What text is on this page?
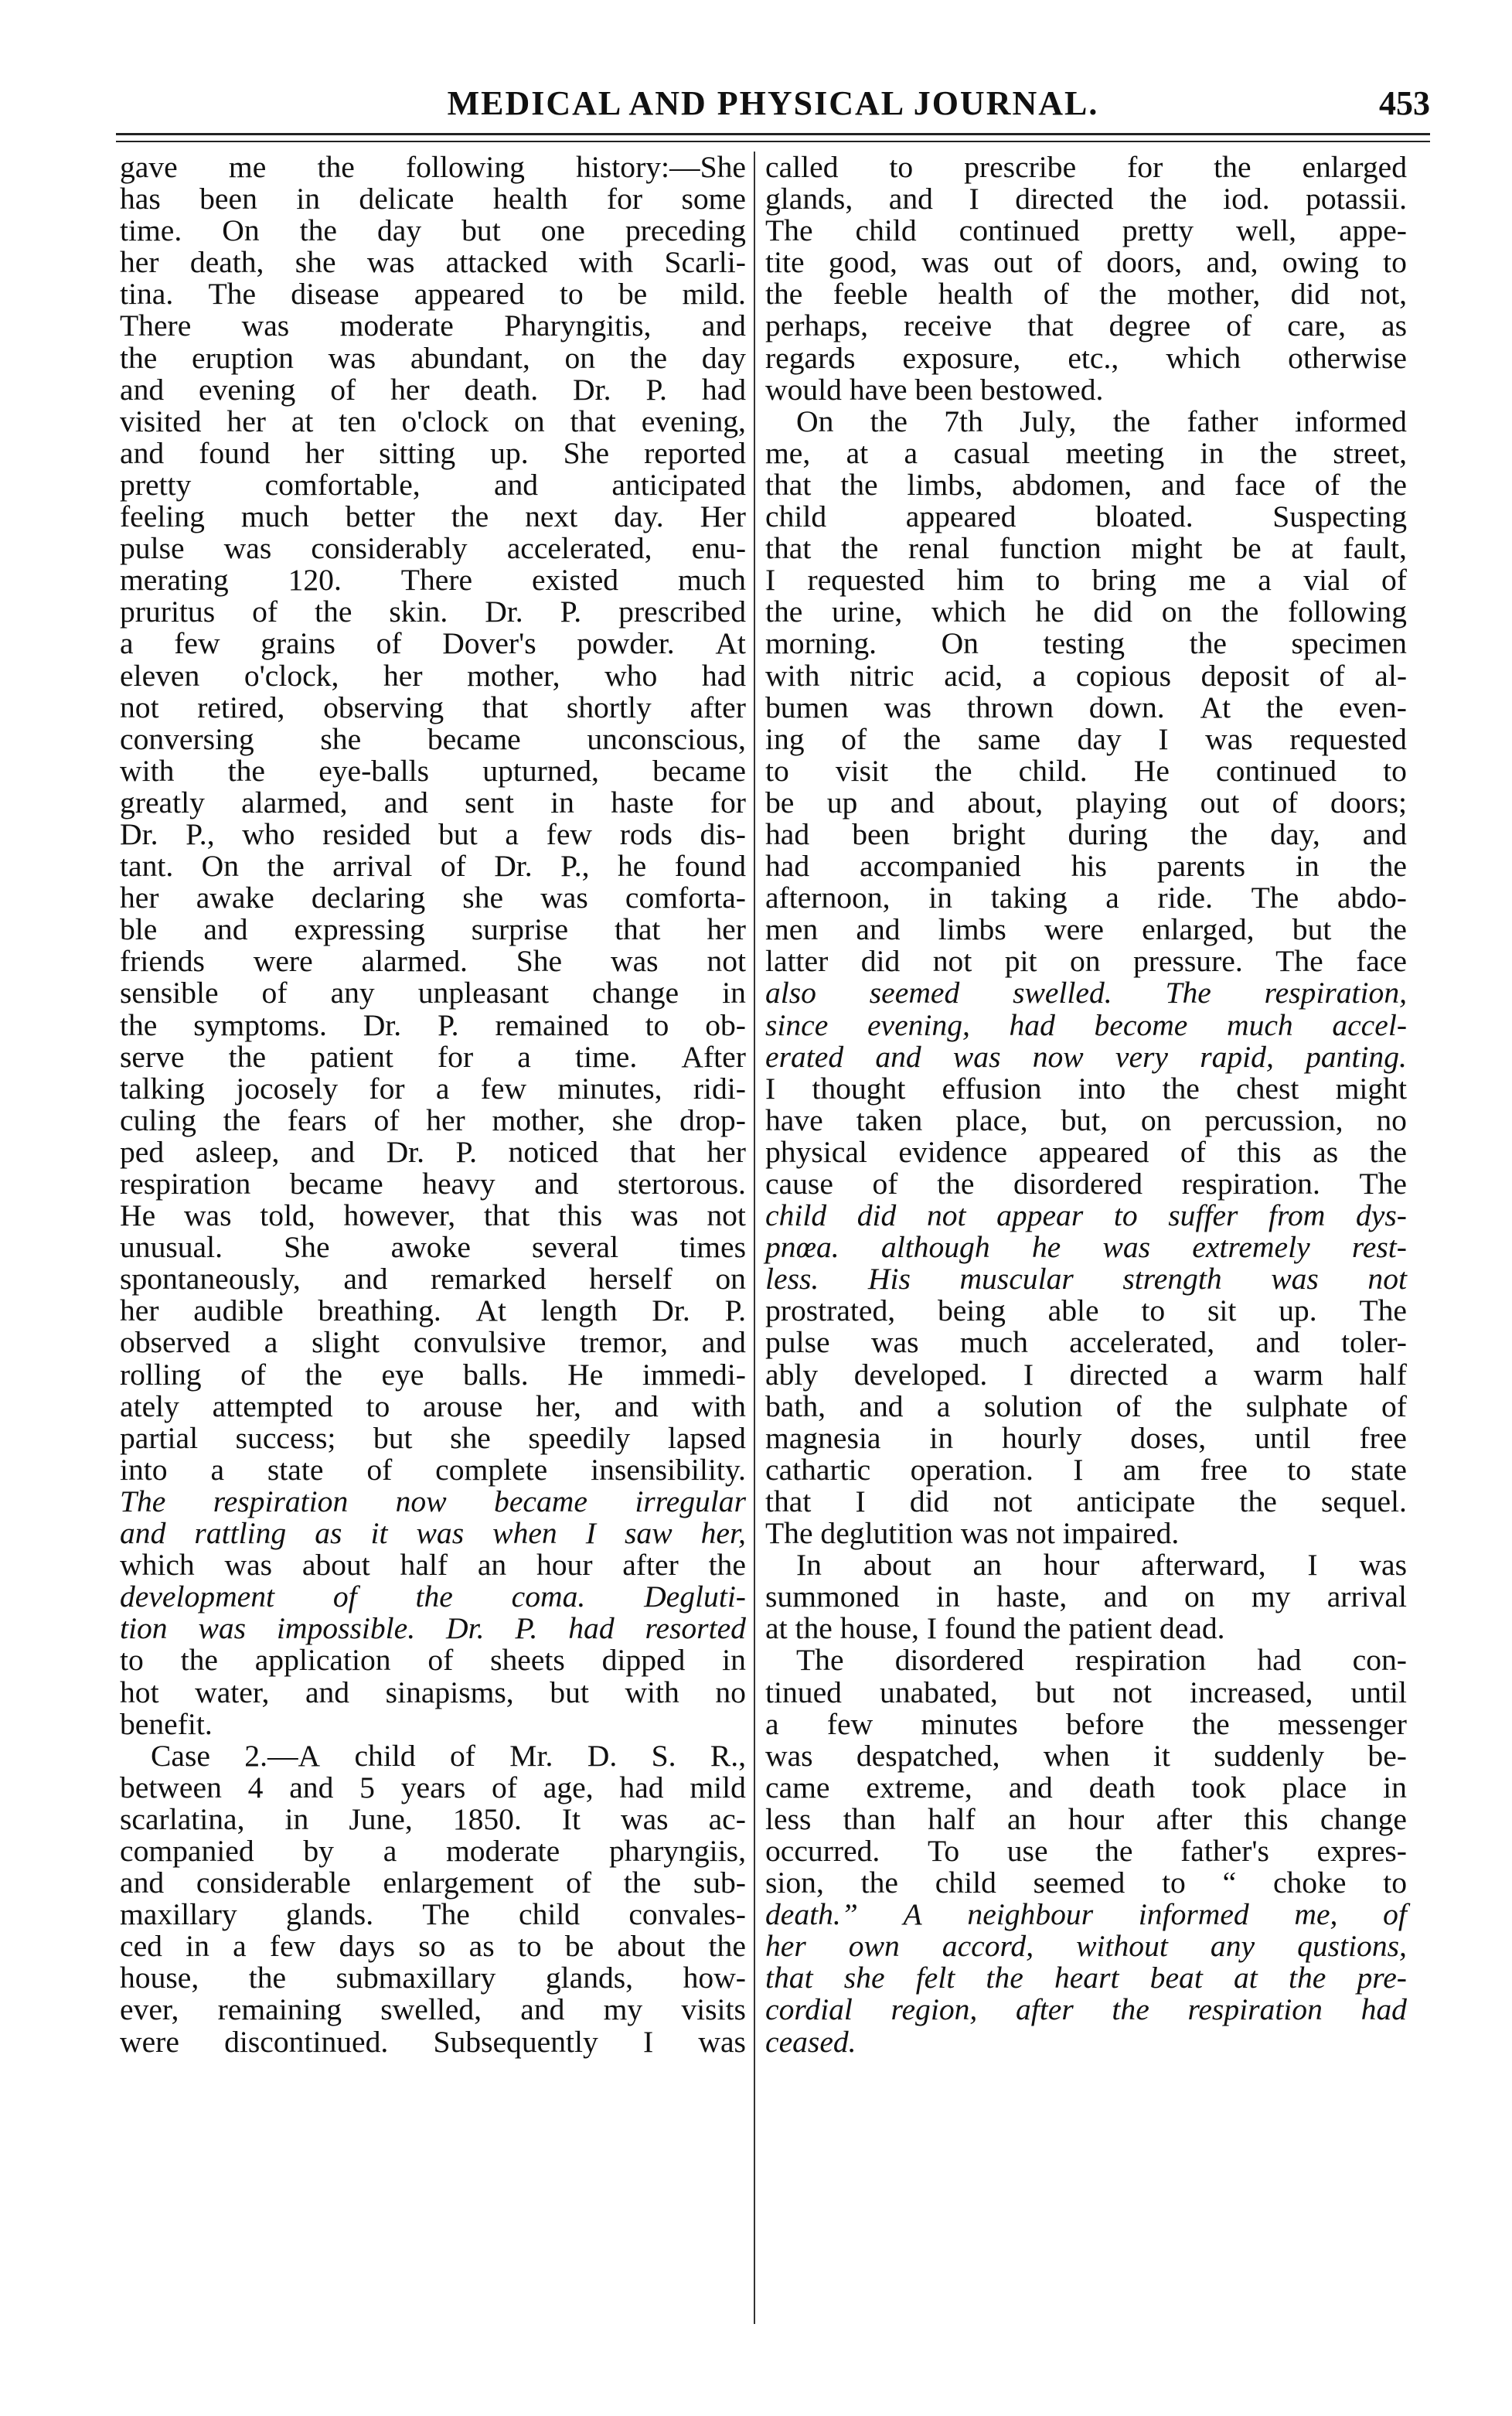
MEDICAL AND PHYSICAL JOURNAL.	453
gave me the following history:—She
has been in delicate health for some
time. On the day but one preceding
her death, she was attacked with Scarli-
tina. The disease appeared to be mild.
There was moderate Pharyngitis, and
the eruption was abundant, on the day
and evening of her death. Dr. P. had
visited her at ten o'clock on that evening,
and found her sitting up. She reported
pretty comfortable, and anticipated
feeling much better the next day. Her
pulse was considerably accelerated, enu-
merating 120. There existed much
pruritus of the skin. Dr. P. prescribed
a few grains of Dover's powder. At
eleven o'clock, her mother, who had
not retired, observing that shortly after
conversing she became unconscious,
with the eye-balls upturned, became
greatly alarmed, and sent in haste for
Dr. P., who resided but a few rods dis-
tant. On the arrival of Dr. P., he found
her awake declaring she was comforta-
ble and expressing surprise that her
friends were alarmed. She was not
sensible of any unpleasant change in
the symptoms. Dr. P. remained to ob-
serve the patient for a time. After
talking jocosely for a few minutes, ridi-
culing the fears of her mother, she drop-
ped asleep, and Dr. P. noticed that her
respiration became heavy and stertorous.
He was told, however, that this was not
unusual. She awoke several times
spontaneously, and remarked herself on
her audible breathing. At length Dr. P.
observed a slight convulsive tremor, and
rolling of the eye balls. He immedi-
ately attempted to arouse her, and with
partial success; but she speedily lapsed
into a state of complete insensibility.
The respiration now became irregular
and rattling as it was when I saw her,
which was about half an hour after the
development of the coma. Degluti-
tion was impossible. Dr. P. had resorted
to the application of sheets dipped in
hot water, and sinapisms, but with no
benefit.
Case 2.—A child of Mr. D. S. R.,
between 4 and 5 years of age, had mild
scarlatina, in June, 1850. It was ac-
companied by a moderate pharyngiis,
and considerable enlargement of the sub-
maxillary glands. The child convales-
ced in a few days so as to be about the
house, the submaxillary glands, how-
ever, remaining swelled, and my visits
were discontinued. Subsequently I was
called to prescribe for the enlarged
glands, and I directed the iod. potassii.
The child continued pretty well, appe-
tite good, was out of doors, and, owing to
the feeble health of the mother, did not,
perhaps, receive that degree of care, as
regards exposure, etc., which otherwise
would have been bestowed.
On the 7th July, the father informed
me, at a casual meeting in the street,
that the limbs, abdomen, and face of the
child	appeared	bloated.	Suspecting
that the renal function might be at fault,
I requested him to bring me a vial of
the urine, which he did on the following
morning. On testing the specimen
with nitric acid, a copious deposit of al-
bumen was thrown down. At the even-
ing of the same day I was requested
to visit the child. He continued to
be up and about, playing out of doors;
had been bright during the day, and
had accompanied his parents in the
afternoon, in taking a ride. The abdo-
men and limbs were enlarged, but the
latter did not pit on pressure. The face
also seemed swelled. The respiration,
since evening, had become much accel-
erated and was now very rapid, panting.
I thought effusion into the chest might
have taken place, but, on percussion, no
physical evidence appeared of this as the
cause of the disordered respiration. The
child did not appear to suffer from dys-
pnœa. although he was extremely rest-
less. His muscular strength was not
prostrated, being able to sit up. The
pulse was much accelerated, and toler-
ably developed. I directed a warm half
bath, and a solution of the sulphate of
magnesia in hourly doses, until free
cathartic operation. I am free to state
that I did not anticipate the sequel.
The deglutition was not impaired.
In about an hour afterward, I was
summoned in haste, and on my arrival
at the house, I found the patient dead.
The disordered respiration had con-
tinued unabated, but not increased, until
a few minutes before the messenger
was despatched, when it suddenly be-
came extreme, and death took place in
less than half an hour after this change
occurred. To use the father's expres-
sion, the child seemed to “ choke to
death.” A neighbour informed me, of
her own accord, without any qustions,
that she felt the heart beat at the pre-
cordial region, after the respiration had
ceased.
